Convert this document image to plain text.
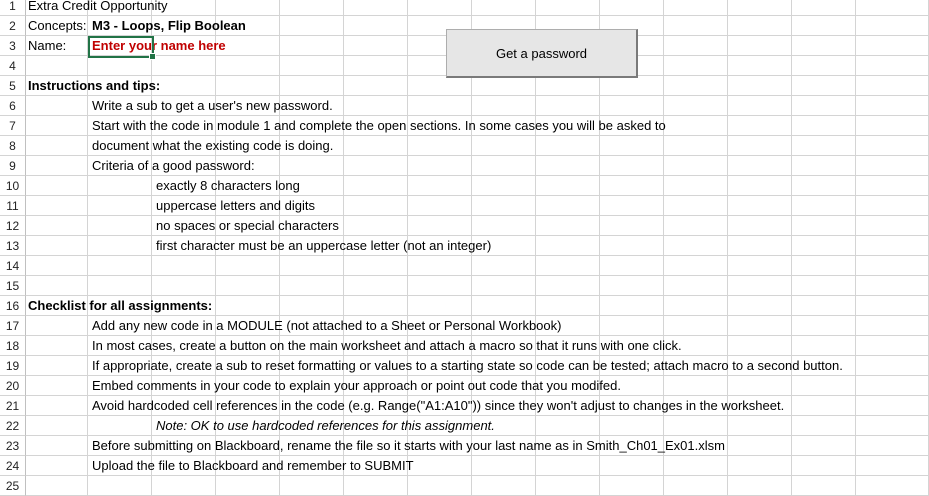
1 Extra Credit Opportunity
2 Concepts: M3 - Loops, Flip Boolean
3 Name: Enter your name here
4
5 Instructions and tips:
6	Write a sub to get a user's new password.
7	Start with the code in module 1 and complete the open sections. In some cases you will be asked to
8	document what the existing code is doing.
9	Criteria of a good password:
10	exactly 8 characters long
11	uppercase letters and digits
12	no spaces or special characters
13	first character must be an uppercase letter (not an integer)
14
15
16 Checklist for all assignments:
17	Add any new code in a MODULE (not attached to a Sheet or Personal Workbook)
18	In most cases, create a button on the main worksheet and attach a macro so that it runs with one click.
19	If appropriate, create a sub to reset formatting or values to a starting state so code can be tested; attach macro to a second button.
20	Embed comments in your code to explain your approach or point out code that you modifed.
21	Avoid hardcoded cell references in the code (e.g. Range("A1:A10")) since they won't adjust to changes in the worksheet.
22	Note: OK to use hardcoded references for this assignment.
23	Before submitting on Blackboard, rename the file so it starts with your last name as in Smith_Ch01_Ex01.xlsm
24	Upload the file to Blackboard and remember to SUBMIT
25
Get a password
